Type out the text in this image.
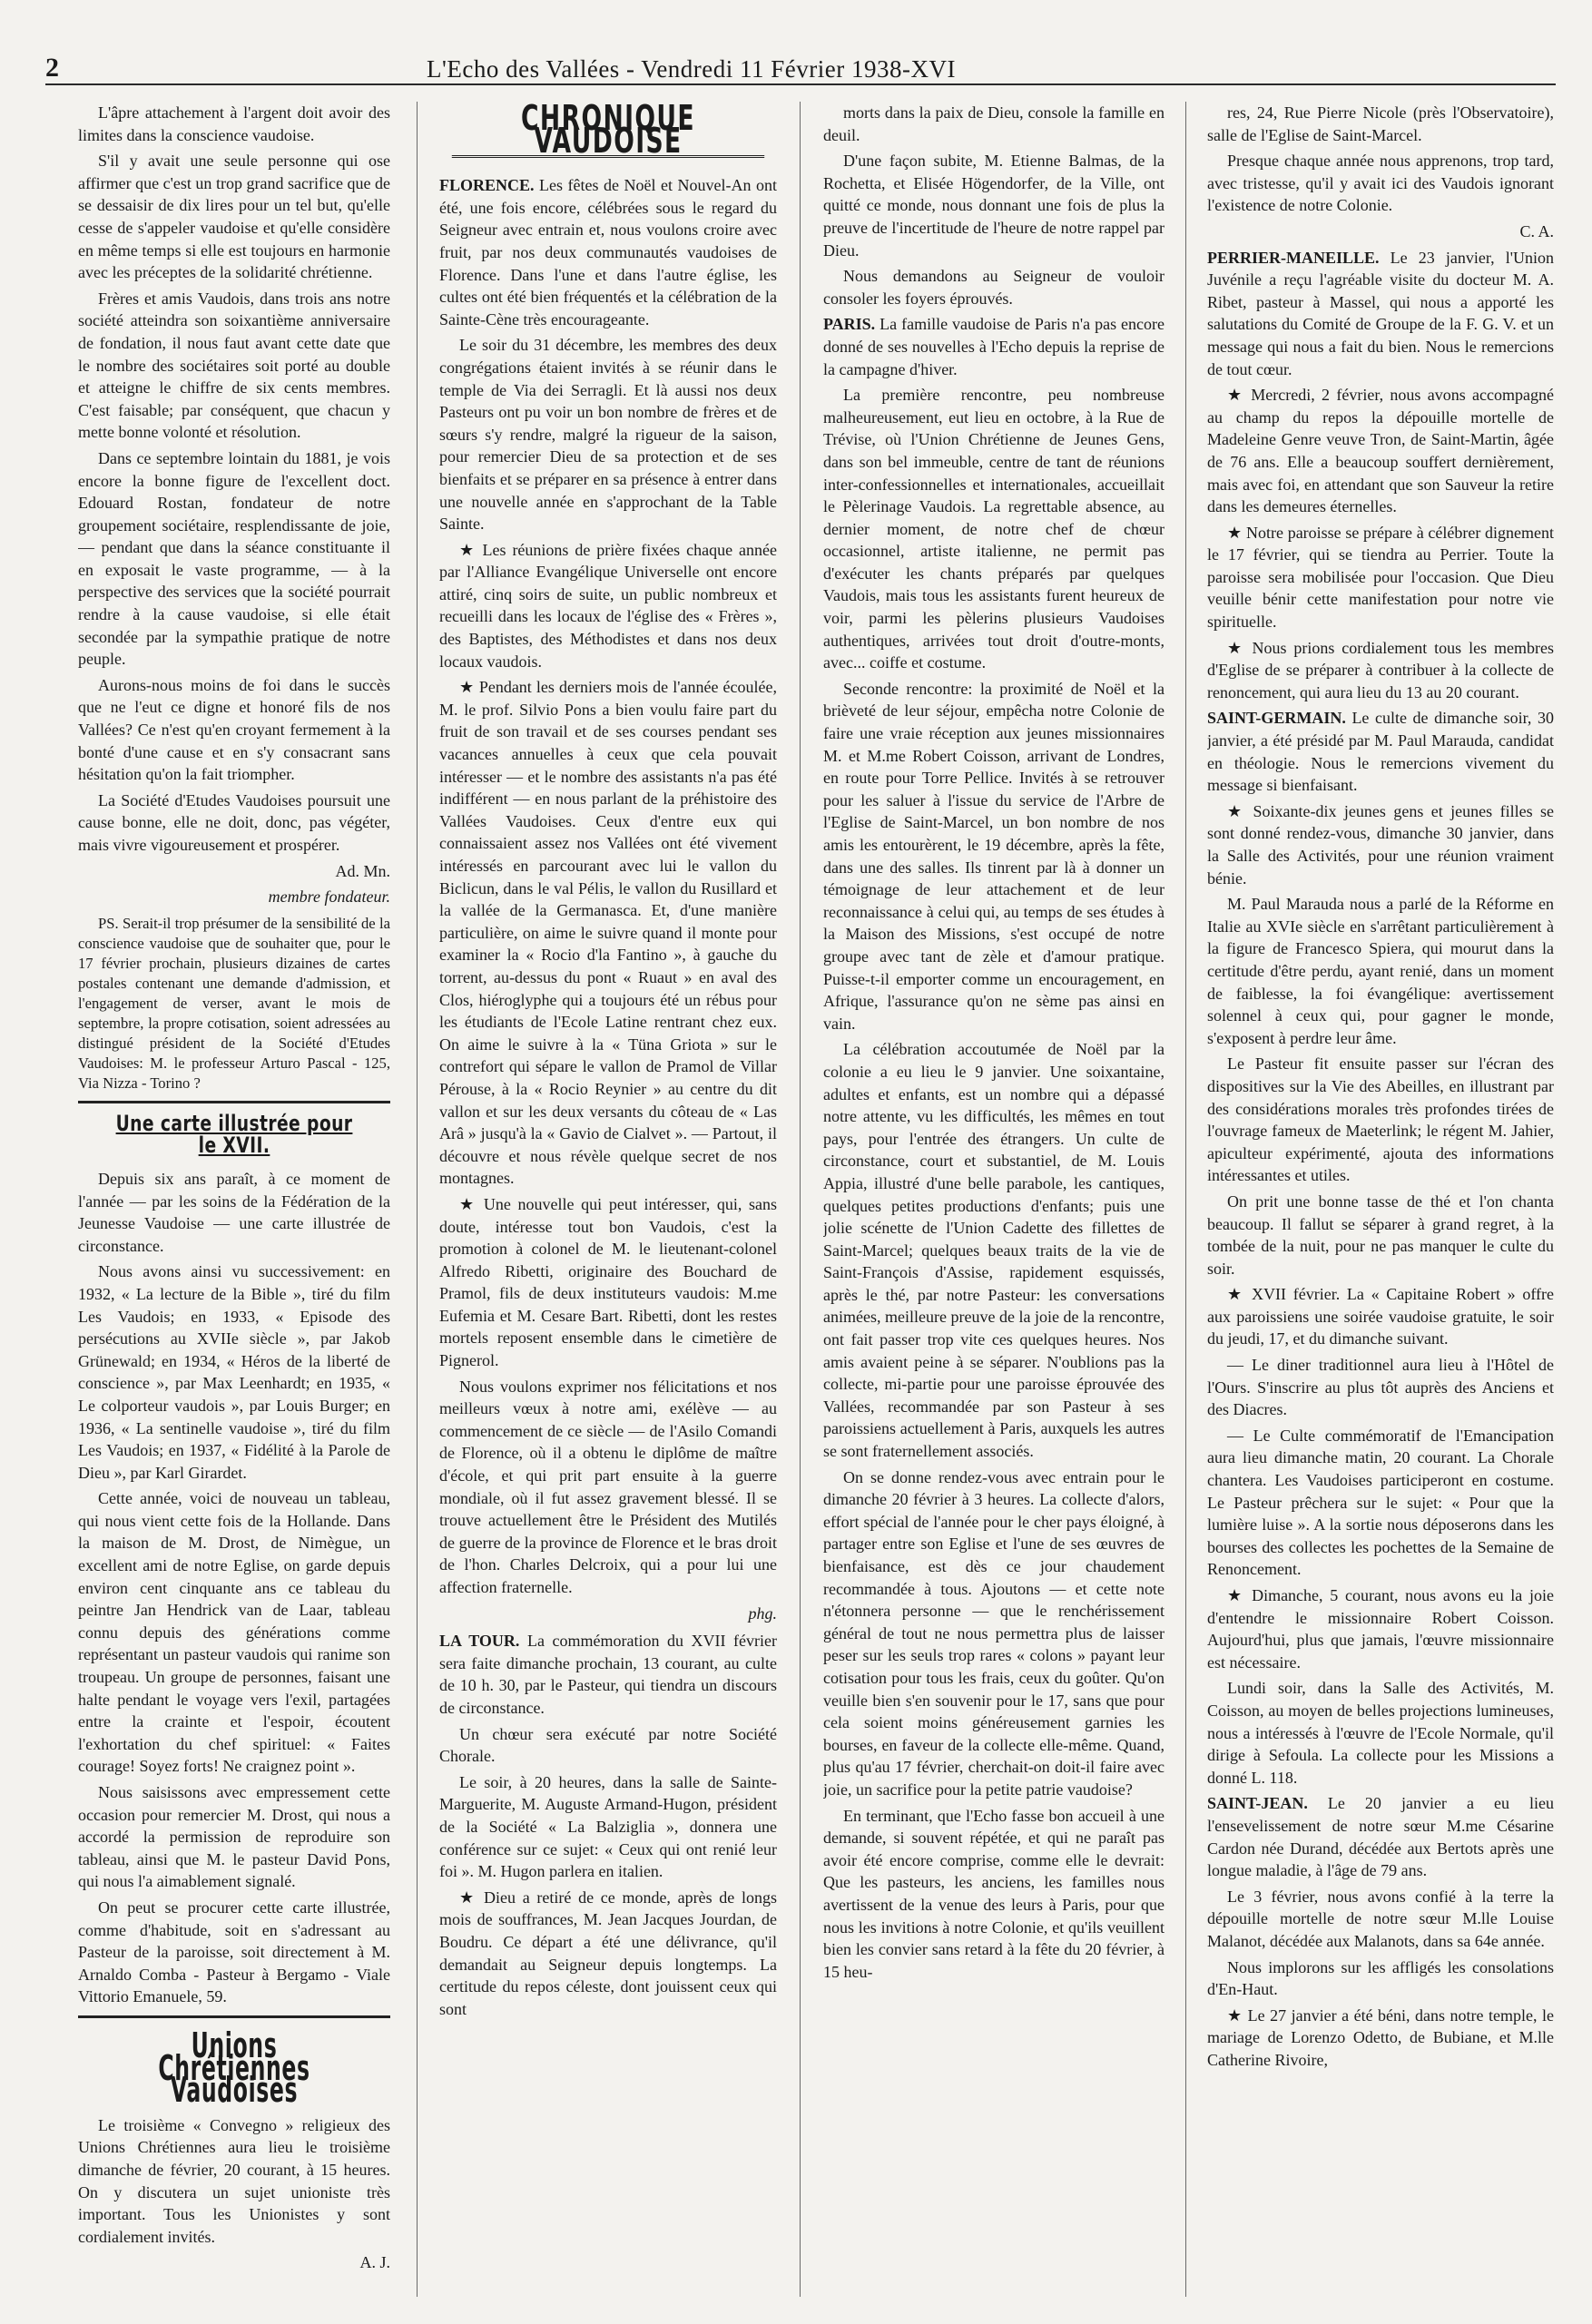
2	L'Echo des Vallées - Vendredi 11 Février 1938-XVI

L'âpre attachement à l'argent doit avoir des limites dans la conscience vaudoise.

S'il y avait une seule personne qui ose affirmer que c'est un trop grand sacrifice que de se dessaisir de dix lires pour un tel but, qu'elle cesse de s'appeler vaudoise et qu'elle considère en même temps si elle est toujours en harmonie avec les préceptes de la solidarité chrétienne.

Frères et amis Vaudois, dans trois ans notre société atteindra son soixantième anniversaire de fondation, il nous faut avant cette date que le nombre des sociétaires soit porté au double et atteigne le chiffre de six cents membres. C'est faisable; par conséquent, que chacun y mette bonne volonté et résolution.

Dans ce septembre lointain du 1881, je vois encore la bonne figure de l'excellent doct. Edouard Rostan, fondateur de notre groupement sociétaire, resplendissante de joie, — pendant que dans la séance constituante il en exposait le vaste programme, — à la perspective des services que la société pourrait rendre à la cause vaudoise, si elle était secondée par la sympathie pratique de notre peuple.

Aurons-nous moins de foi dans le succès que ne l'eut ce digne et honoré fils de nos Vallées? Ce n'est qu'en croyant fermement à la bonté d'une cause et en s'y consacrant sans hésitation qu'on la fait triompher.

La Société d'Etudes Vaudoises poursuit une cause bonne, elle ne doit, donc, pas végéter, mais vivre vigoureusement et prospérer.

Ad. Mn.

membre fondateur.

PS. Serait-il trop présumer de la sensibilité de la conscience vaudoise que de souhaiter que, pour le 17 février prochain, plusieurs dizaines de cartes postales contenant une demande d'admission, et l'engagement de verser, avant le mois de septembre, la propre cotisation, soient adressées au distingué président de la Société d'Etudes Vaudoises: M. le professeur Arturo Pascal - 125, Via Nizza - Torino ?

Une carte illustrée pour le XVII.

Depuis six ans paraît, à ce moment de l'année — par les soins de la Fédération de la Jeunesse Vaudoise — une carte illustrée de circonstance.

Nous avons ainsi vu successivement: en 1932, « La lecture de la Bible », tiré du film Les Vaudois; en 1933, « Episode des persécutions au XVIIe siècle », par Jakob Grünewald; en 1934, « Héros de la liberté de conscience », par Max Leenhardt; en 1935, « Le colporteur vaudois », par Louis Burger; en 1936, « La sentinelle vaudoise », tiré du film Les Vaudois; en 1937, « Fidélité à la Parole de Dieu », par Karl Girardet.

Cette année, voici de nouveau un tableau, qui nous vient cette fois de la Hollande. Dans la maison de M. Drost, de Nimègue, un excellent ami de notre Eglise, on garde depuis environ cent cinquante ans ce tableau du peintre Jan Hendrick van de Laar, tableau connu depuis des générations comme représentant un pasteur vaudois qui ranime son troupeau. Un groupe de personnes, faisant une halte pendant le voyage vers l'exil, partagées entre la crainte et l'espoir, écoutent l'exhortation du chef spirituel: « Faites courage! Soyez forts! Ne craignez point ».

Nous saisissons avec empressement cette occasion pour remercier M. Drost, qui nous a accordé la permission de reproduire son tableau, ainsi que M. le pasteur David Pons, qui nous l'a aimablement signalé.

On peut se procurer cette carte illustrée, comme d'habitude, soit en s'adressant au Pasteur de la paroisse, soit directement à M. Arnaldo Comba - Pasteur à Bergamo - Viale Vittorio Emanuele, 59.

Unions Chrétiennes Vaudoises

Le troisième « Convegno » religieux des Unions Chrétiennes aura lieu le troisième dimanche de février, 20 courant, à 15 heures. On y discutera un sujet unioniste très important. Tous les Unionistes y sont cordialement invités.

A. J.

CHRONIQUE VAUDOISE

FLORENCE. Les fêtes de Noël et Nouvel-An ont été, une fois encore, célébrées sous le regard du Seigneur avec entrain et, nous voulons croire avec fruit, par nos deux communautés vaudoises de Florence. Dans l'une et dans l'autre église, les cultes ont été bien fréquentés et la célébration de la Sainte-Cène très encourageante.

Le soir du 31 décembre, les membres des deux congrégations étaient invités à se réunir dans le temple de Via dei Serragli. Et là aussi nos deux Pasteurs ont pu voir un bon nombre de frères et de sœurs s'y rendre, malgré la rigueur de la saison, pour remercier Dieu de sa protection et de ses bienfaits et se préparer en sa présence à entrer dans une nouvelle année en s'approchant de la Table Sainte.

★ Les réunions de prière fixées chaque année par l'Alliance Evangélique Universelle ont encore attiré, cinq soirs de suite, un public nombreux et recueilli dans les locaux de l'église des « Frères », des Baptistes, des Méthodistes et dans nos deux locaux vaudois.

★ Pendant les derniers mois de l'année écoulée, M. le prof. Silvio Pons a bien voulu faire part du fruit de son travail et de ses courses pendant ses vacances annuelles à ceux que cela pouvait intéresser — et le nombre des assistants n'a pas été indifférent — en nous parlant de la préhistoire des Vallées Vaudoises. Ceux d'entre eux qui connaissaient assez nos Vallées ont été vivement intéressés en parcourant avec lui le vallon du Biclicun, dans le val Pélis, le vallon du Rusillard et la vallée de la Germanasca. Et, d'une manière particulière, on aime le suivre quand il monte pour examiner la « Rocio d'la Fantino », à gauche du torrent, au-dessus du pont « Ruaut » en aval des Clos, hiéroglyphe qui a toujours été un rébus pour les étudiants de l'Ecole Latine rentrant chez eux. On aime le suivre à la « Tüna Griota » sur le contrefort qui sépare le vallon de Pramol de Villar Pérouse, à la « Rocio Reynier » au centre du dit vallon et sur les deux versants du côteau de « Las Arâ » jusqu'à la « Gavio de Cialvet ». — Partout, il découvre et nous révèle quelque secret de nos montagnes.

★ Une nouvelle qui peut intéresser, qui, sans doute, intéresse tout bon Vaudois, c'est la promotion à colonel de M. le lieutenant-colonel Alfredo Ribetti, originaire des Bouchard de Pramol, fils de deux instituteurs vaudois: M.me Eufemia et M. Cesare Bart. Ribetti, dont les restes mortels reposent ensemble dans le cimetière de Pignerol.

Nous voulons exprimer nos félicitations et nos meilleurs vœux à notre ami, exélève — au commencement de ce siècle — de l'Asilo Comandi de Florence, où il a obtenu le diplôme de maître d'école, et qui prit part ensuite à la guerre mondiale, où il fut assez gravement blessé. Il se trouve actuellement être le Président des Mutilés de guerre de la province de Florence et le bras droit de l'hon. Charles Delcroix, qui a pour lui une affection fraternelle.

phg.

LA TOUR. La commémoration du XVII février sera faite dimanche prochain, 13 courant, au culte de 10 h. 30, par le Pasteur, qui tiendra un discours de circonstance.

Un chœur sera exécuté par notre Société Chorale.

Le soir, à 20 heures, dans la salle de Sainte-Marguerite, M. Auguste Armand-Hugon, président de la Société « La Balziglia », donnera une conférence sur ce sujet: « Ceux qui ont renié leur foi ». M. Hugon parlera en italien.

★ Dieu a retiré de ce monde, après de longs mois de souffrances, M. Jean Jacques Jourdan, de Boudru. Ce départ a été une délivrance, qu'il demandait au Seigneur depuis longtemps. La certitude du repos céleste, dont jouissent ceux qui sont

morts dans la paix de Dieu, console la famille en deuil.

D'une façon subite, M. Etienne Balmas, de la Rochetta, et Elisée Högendorfer, de la Ville, ont quitté ce monde, nous donnant une fois de plus la preuve de l'incertitude de l'heure de notre rappel par Dieu.

Nous demandons au Seigneur de vouloir consoler les foyers éprouvés.

PARIS. La famille vaudoise de Paris n'a pas encore donné de ses nouvelles à l'Echo depuis la reprise de la campagne d'hiver.

La première rencontre, peu nombreuse malheureusement, eut lieu en octobre, à la Rue de Trévise, où l'Union Chrétienne de Jeunes Gens, dans son bel immeuble, centre de tant de réunions inter-confessionnelles et internationales, accueillait le Pèlerinage Vaudois. La regrettable absence, au dernier moment, de notre chef de chœur occasionnel, artiste italienne, ne permit pas d'exécuter les chants préparés par quelques Vaudois, mais tous les assistants furent heureux de voir, parmi les pèlerins plusieurs Vaudoises authentiques, arrivées tout droit d'outre-monts, avec... coiffe et costume.

Seconde rencontre: la proximité de Noël et la brièveté de leur séjour, empêcha notre Colonie de faire une vraie réception aux jeunes missionnaires M. et M.me Robert Coisson, arrivant de Londres, en route pour Torre Pellice. Invités à se retrouver pour les saluer à l'issue du service de l'Arbre de l'Eglise de Saint-Marcel, un bon nombre de nos amis les entourèrent, le 19 décembre, après la fête, dans une des salles. Ils tinrent par là à donner un témoignage de leur attachement et de leur reconnaissance à celui qui, au temps de ses études à la Maison des Missions, s'est occupé de notre groupe avec tant de zèle et d'amour pratique. Puisse-t-il emporter comme un encouragement, en Afrique, l'assurance qu'on ne sème pas ainsi en vain.

La célébration accoutumée de Noël par la colonie a eu lieu le 9 janvier. Une soixantaine, adultes et enfants, est un nombre qui a dépassé notre attente, vu les difficultés, les mêmes en tout pays, pour l'entrée des étrangers. Un culte de circonstance, court et substantiel, de M. Louis Appia, illustré d'une belle parabole, les cantiques, quelques petites productions d'enfants; puis une jolie scénette de l'Union Cadette des fillettes de Saint-Marcel; quelques beaux traits de la vie de Saint-François d'Assise, rapidement esquissés, après le thé, par notre Pasteur: les conversations animées, meilleure preuve de la joie de la rencontre, ont fait passer trop vite ces quelques heures. Nos amis avaient peine à se séparer. N'oublions pas la collecte, mi-partie pour une paroisse éprouvée des Vallées, recommandée par son Pasteur à ses paroissiens actuellement à Paris, auxquels les autres se sont fraternellement associés.

On se donne rendez-vous avec entrain pour le dimanche 20 février à 3 heures. La collecte d'alors, effort spécial de l'année pour le cher pays éloigné, à partager entre son Eglise et l'une de ses œuvres de bienfaisance, est dès ce jour chaudement recommandée à tous. Ajoutons — et cette note n'étonnera personne — que le renchérissement général de tout ne nous permettra plus de laisser peser sur les seuls trop rares « colons » payant leur cotisation pour tous les frais, ceux du goûter. Qu'on veuille bien s'en souvenir pour le 17, sans que pour cela soient moins généreusement garnies les bourses, en faveur de la collecte elle-même. Quand, plus qu'au 17 février, cherchait-on doit-il faire avec joie, un sacrifice pour la petite patrie vaudoise?

En terminant, que l'Echo fasse bon accueil à une demande, si souvent répétée, et qui ne paraît pas avoir été encore comprise, comme elle le devrait: Que les pasteurs, les anciens, les familles nous avertissent de la venue des leurs à Paris, pour que nous les invitions à notre Colonie, et qu'ils veuillent bien les convier sans retard à la fête du 20 février, à 15 heu-

res, 24, Rue Pierre Nicole (près l'Observatoire), salle de l'Eglise de Saint-Marcel.

Presque chaque année nous apprenons, trop tard, avec tristesse, qu'il y avait ici des Vaudois ignorant l'existence de notre Colonie.

C. A.

PERRIER-MANEILLE. Le 23 janvier, l'Union Juvénile a reçu l'agréable visite du docteur M. A. Ribet, pasteur à Massel, qui nous a apporté les salutations du Comité de Groupe de la F. G. V. et un message qui nous a fait du bien. Nous le remercions de tout cœur.

★ Mercredi, 2 février, nous avons accompagné au champ du repos la dépouille mortelle de Madeleine Genre veuve Tron, de Saint-Martin, âgée de 76 ans. Elle a beaucoup souffert dernièrement, mais avec foi, en attendant que son Sauveur la retire dans les demeures éternelles.

★ Notre paroisse se prépare à célébrer dignement le 17 février, qui se tiendra au Perrier. Toute la paroisse sera mobilisée pour l'occasion. Que Dieu veuille bénir cette manifestation pour notre vie spirituelle.

★ Nous prions cordialement tous les membres d'Eglise de se préparer à contribuer à la collecte de renoncement, qui aura lieu du 13 au 20 courant.

SAINT-GERMAIN. Le culte de dimanche soir, 30 janvier, a été présidé par M. Paul Marauda, candidat en théologie. Nous le remercions vivement du message si bienfaisant.

★ Soixante-dix jeunes gens et jeunes filles se sont donné rendez-vous, dimanche 30 janvier, dans la Salle des Activités, pour une réunion vraiment bénie.

M. Paul Marauda nous a parlé de la Réforme en Italie au XVIe siècle en s'arrêtant particulièrement à la figure de Francesco Spiera, qui mourut dans la certitude d'être perdu, ayant renié, dans un moment de faiblesse, la foi évangélique: avertissement solennel à ceux qui, pour gagner le monde, s'exposent à perdre leur âme.

Le Pasteur fit ensuite passer sur l'écran des dispositives sur la Vie des Abeilles, en illustrant par des considérations morales très profondes tirées de l'ouvrage fameux de Maeterlink; le régent M. Jahier, apiculteur expérimenté, ajouta des informations intéressantes et utiles.

On prit une bonne tasse de thé et l'on chanta beaucoup. Il fallut se séparer à grand regret, à la tombée de la nuit, pour ne pas manquer le culte du soir.

★ XVII février. La « Capitaine Robert » offre aux paroissiens une soirée vaudoise gratuite, le soir du jeudi, 17, et du dimanche suivant.

— Le diner traditionnel aura lieu à l'Hôtel de l'Ours. S'inscrire au plus tôt auprès des Anciens et des Diacres.

— Le Culte commémoratif de l'Emancipation aura lieu dimanche matin, 20 courant. La Chorale chantera. Les Vaudoises participeront en costume. Le Pasteur prêchera sur le sujet: « Pour que la lumière luise ». A la sortie nous déposerons dans les bourses des collectes les pochettes de la Semaine de Renoncement.

★ Dimanche, 5 courant, nous avons eu la joie d'entendre le missionnaire Robert Coisson. Aujourd'hui, plus que jamais, l'œuvre missionnaire est nécessaire.

Lundi soir, dans la Salle des Activités, M. Coisson, au moyen de belles projections lumineuses, nous a intéressés à l'œuvre de l'Ecole Normale, qu'il dirige à Sefoula. La collecte pour les Missions a donné L. 118.

SAINT-JEAN. Le 20 janvier a eu lieu l'ensevelissement de notre sœur M.me Césarine Cardon née Durand, décédée aux Bertots après une longue maladie, à l'âge de 79 ans.

Le 3 février, nous avons confié à la terre la dépouille mortelle de notre sœur M.lle Louise Malanot, décédée aux Malanots, dans sa 64e année.

Nous implorons sur les affligés les consolations d'En-Haut.

★ Le 27 janvier a été béni, dans notre temple, le mariage de Lorenzo Odetto, de Bubiane, et M.lle Catherine Rivoire,
